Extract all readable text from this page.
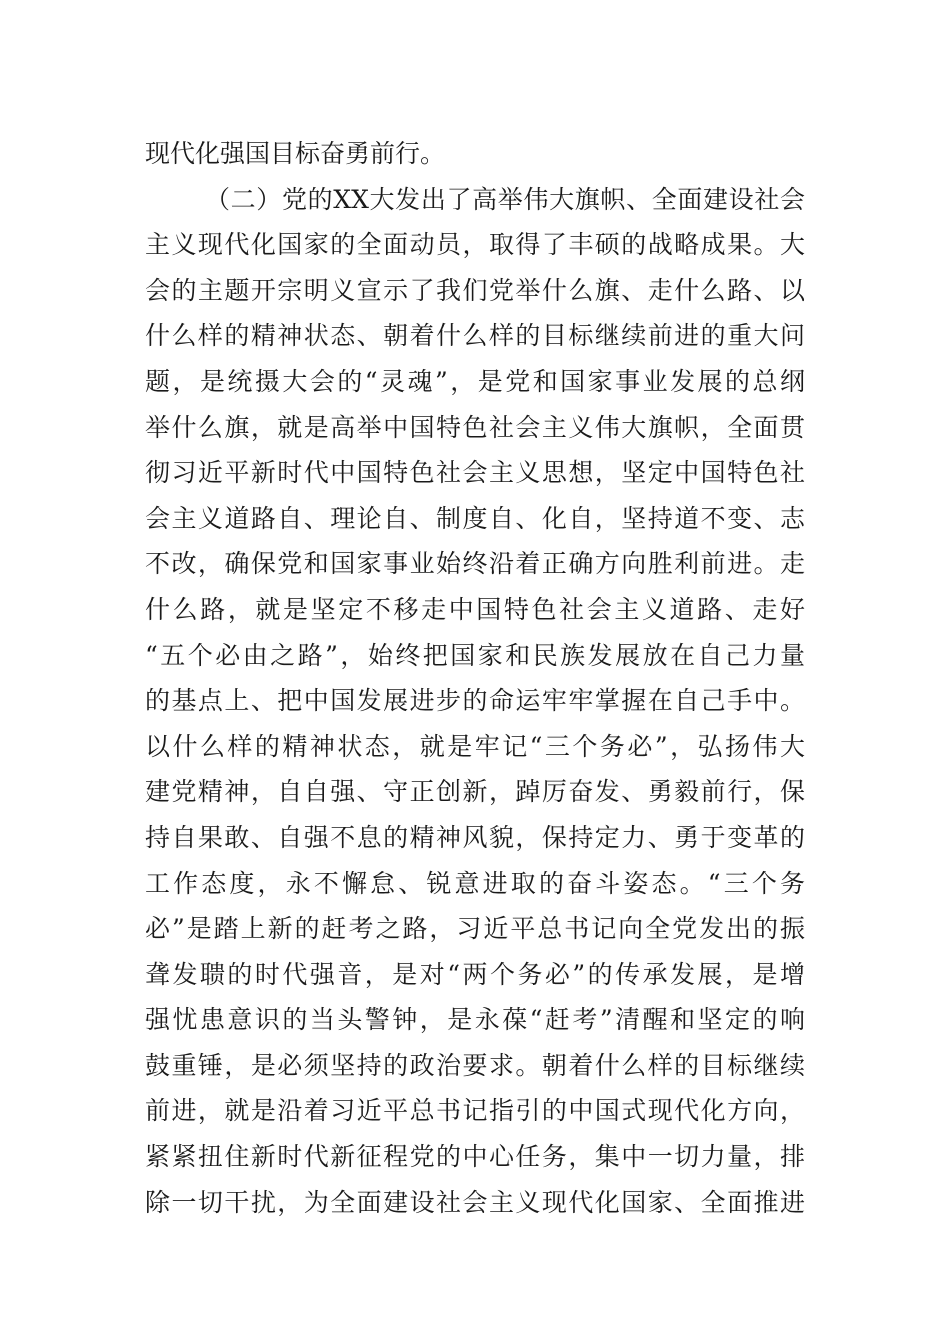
现代化强国目标奋勇前行。
（二）党的XX大发出了高举伟大旗帜、全面建设社会
主义现代化国家的全面动员，取得了丰硕的战略成果。大
会的主题开宗明义宣示了我们党举什么旗、走什么路、以
什么样的精神状态、朝着什么样的目标继续前进的重大问
题，是统摄大会的“灵魂”，是党和国家事业发展的总纲
举什么旗，就是高举中国特色社会主义伟大旗帜，全面贯
彻习近平新时代中国特色社会主义思想，坚定中国特色社
会主义道路自、理论自、制度自、化自，坚持道不变、志
不改，确保党和国家事业始终沿着正确方向胜利前进。走
什么路，就是坚定不移走中国特色社会主义道路、走好
“五个必由之路”，始终把国家和民族发展放在自己力量
的基点上、把中国发展进步的命运牢牢掌握在自己手中。
以什么样的精神状态，就是牢记“三个务必”，弘扬伟大
建党精神，自自强、守正创新，踔厉奋发、勇毅前行，保
持自果敢、自强不息的精神风貌，保持定力、勇于变革的
工作态度，永不懈怠、锐意进取的奋斗姿态。“三个务
必”是踏上新的赶考之路，习近平总书记向全党发出的振
聋发聩的时代强音，是对“两个务必”的传承发展，是增
强忧患意识的当头警钟，是永葆“赶考”清醒和坚定的响
鼓重锤，是必须坚持的政治要求。朝着什么样的目标继续
前进，就是沿着习近平总书记指引的中国式现代化方向，
紧紧扭住新时代新征程党的中心任务，集中一切力量，排
除一切干扰，为全面建设社会主义现代化国家、全面推进
